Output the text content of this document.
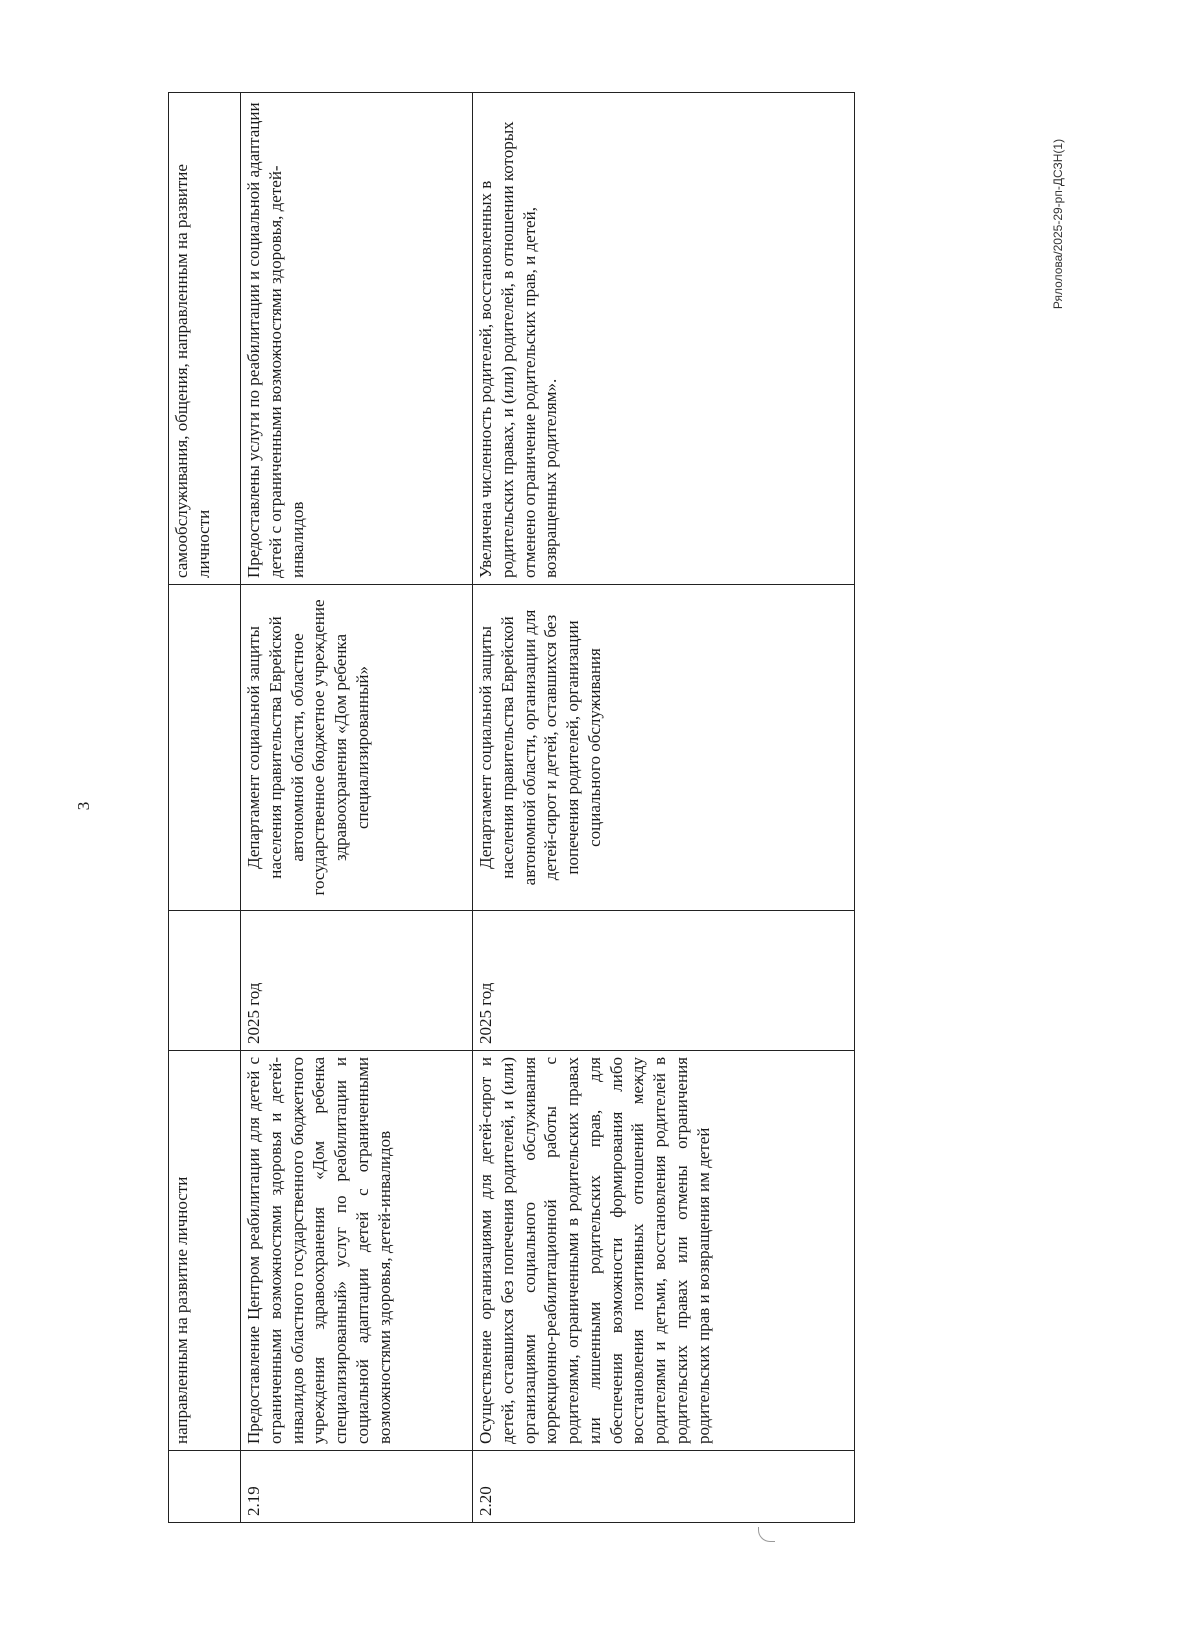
3
Рялолова/2025-29-рп-ДСЗН(1)
	направленным на развитие личности			самообслуживания, общения, направленным на развитие личности
2.19	Предоставление Центром реабилитации для детей с ограниченными возможностями здоровья и детей-инвалидов областного государственного бюджетного учреждения здравоохранения «Дом ребенка специализированный» услуг по реабилитации и социальной адаптации детей с ограниченными возможностями здоровья, детей-инвалидов	2025 год	Департамент социальной защиты населения правительства Еврейской автономной области, областное государственное бюджетное учреждение здравоохранения «Дом ребенка специализированный»	Предоставлены услуги по реабилитации и социальной адаптации детей с ограниченными возможностями здоровья, детей-инвалидов
2.20	Осуществление организациями для детей-сирот и детей, оставшихся без попечения родителей, и (или) организациями социального обслуживания коррекционно-реабилитационной работы с родителями, ограниченными в родительских правах или лишенными родительских прав, для обеспечения возможности формирования либо восстановления позитивных отношений между родителями и детьми, восстановления родителей в родительских правах или отмены ограничения родительских прав и возвращения им детей	2025 год	Департамент социальной защиты населения правительства Еврейской автономной области, организации для детей-сирот и детей, оставшихся без попечения родителей, организации социального обслуживания	Увеличена численность родителей, восстановленных в родительских правах, и (или) родителей, в отношении которых отменено ограничение родительских прав, и детей, возвращенных родителям».
